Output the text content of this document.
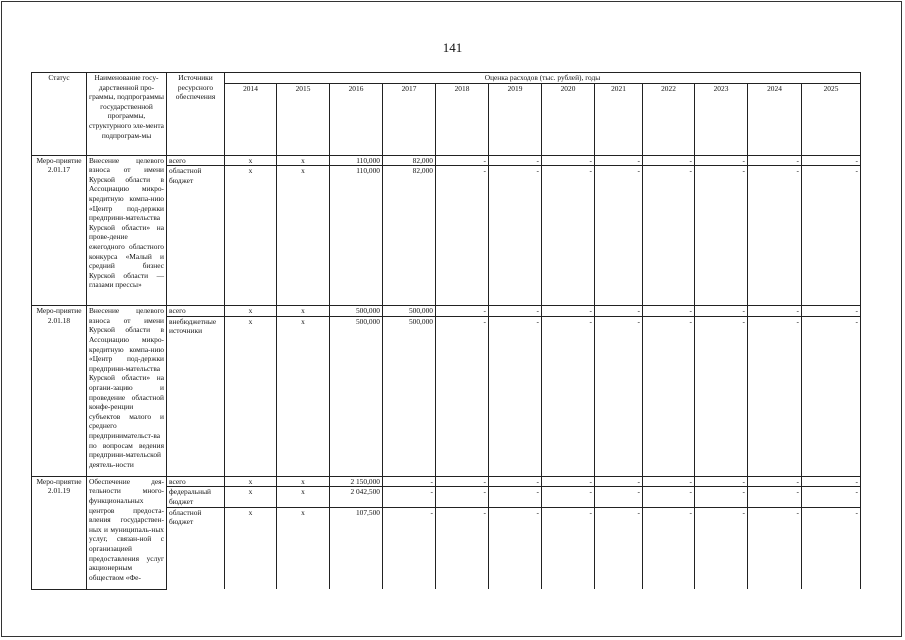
141
Статус	Наименование госу-дарственной про-граммы, подпрограммы государственной программы, структурного эле-мента подпрограм-мы	Источники ресурсного обеспечения	Оценка расходов (тыс. рублей), годы											
			2014	2015	2016	2017	2018	2019	2020	2021	2022	2023	2024	2025
Меро-приятие 2.01.17	Внесение целевого взноса от имени Курской области в Ассоциацию микро-кредитную компа-нию «Центр под-держки предприни-мательства Курской области» на прове-дение ежегодного областного конкурса «Малый и средний бизнес Курской области — глазами прессы»	всего	х	х	110,000	82,000	-	-	-	-	-	-	-	-
		областной бюджет	х	х	110,000	82,000	-	-	-	-	-	-	-	-
Меро-приятие 2.01.18	Внесение целевого взноса от имени Курской области в Ассоциацию микро-кредитную компа-нию «Центр под-держки предприни-мательства Курской области» на органи-зацию и проведение областной конфе-ренции субъектов малого и среднего предпринимательст-ва по вопросам ведения предприни-мательской деятель-ности	всего	х	х	500,000	500,000	-	-	-	-	-	-	-	-
		внебюджетные источники	х	х	500,000	500,000	-	-	-	-	-	-	-	-
Меро-приятие 2.01.19	Обеспечение дея-тельности много-функциональных центров предоста-вления государствен-ных и муниципаль-ных услуг, связан-ной с организацией предоставления услуг акционерным обществом «Фе-	всего	х	х	2 150,000	-	-	-	-	-	-	-	-	-
		федеральный бюджет	х	х	2 042,500	-	-	-	-	-	-	-	-	-
		областной бюджет	х	х	107,500	-	-	-	-	-	-	-	-	-
